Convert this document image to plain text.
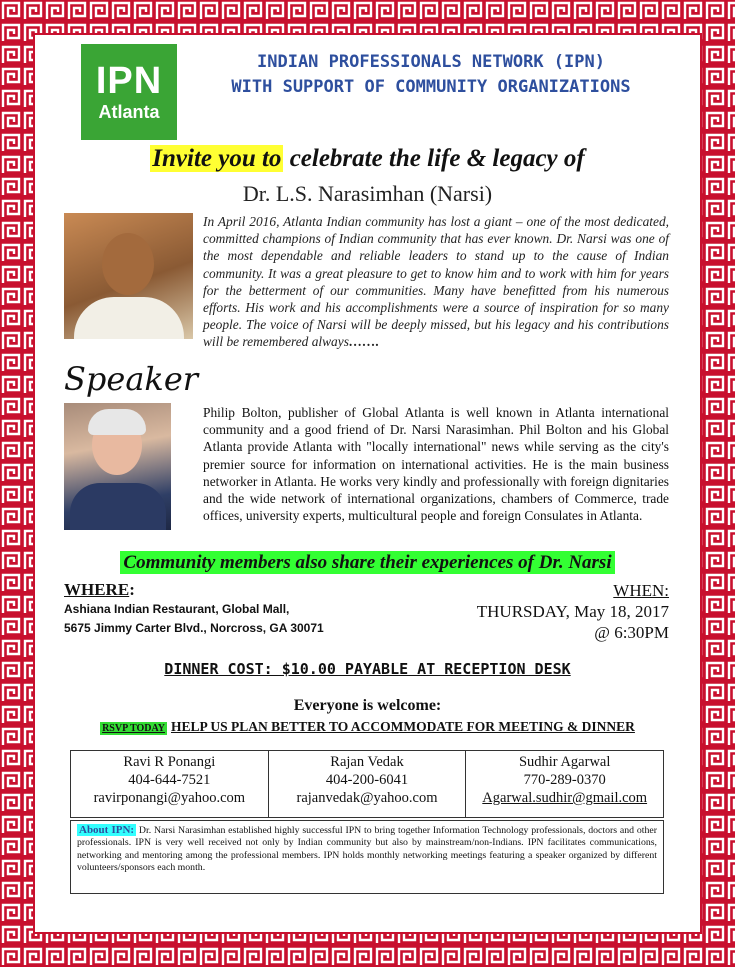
IPN
Atlanta
INDIAN PROFESSIONALS NETWORK (IPN)
WITH SUPPORT OF COMMUNITY ORGANIZATIONS
Invite you to celebrate the life & legacy of
Dr. L.S. Narasimhan (Narsi)
In April 2016, Atlanta Indian community has lost a giant – one of the most dedicated, committed champions of Indian community that has ever known. Dr. Narsi was one of the most dependable and reliable leaders to stand up to the cause of Indian community. It was a great pleasure to get to know him and to work with him for years for the betterment of our communities. Many have benefitted from his numerous efforts. His work and his accomplishments were a source of inspiration for so many people. The voice of Narsi will be deeply missed, but his legacy and his contributions will be remembered always…….
Speaker
Philip Bolton, publisher of Global Atlanta is well known in Atlanta international community and a good friend of Dr. Narsi Narasimhan. Phil Bolton and his Global Atlanta provide Atlanta with "locally international" news while serving as the city's premier source for information on international activities. He is the main business networker in Atlanta. He works very kindly and professionally with foreign dignitaries and the wide network of international organizations, chambers of Commerce, trade offices, university experts, multicultural people and foreign Consulates in Atlanta.
Community members also share their experiences of Dr. Narsi
WHERE:
Ashiana Indian Restaurant, Global Mall,
5675 Jimmy Carter Blvd., Norcross, GA 30071
WHEN:
THURSDAY, May 18, 2017
@ 6:30PM
DINNER COST: $10.00 PAYABLE AT RECEPTION DESK
Everyone is welcome:
RSVP TODAY HELP US PLAN BETTER TO ACCOMMODATE FOR MEETING & DINNER
Ravi R Ponangi
404-644-7521
ravirponangi@yahoo.com
Rajan Vedak
404-200-6041
rajanvedak@yahoo.com
Sudhir Agarwal
770-289-0370
Agarwal.sudhir@gmail.com
About IPN: Dr. Narsi Narasimhan established highly successful IPN to bring together Information Technology professionals, doctors and other professionals. IPN is very well received not only by Indian community but also by mainstream/non-Indians. IPN facilitates communications, networking and mentoring among the professional members. IPN holds monthly networking meetings featuring a speaker organized by different volunteers/sponsors each month.
